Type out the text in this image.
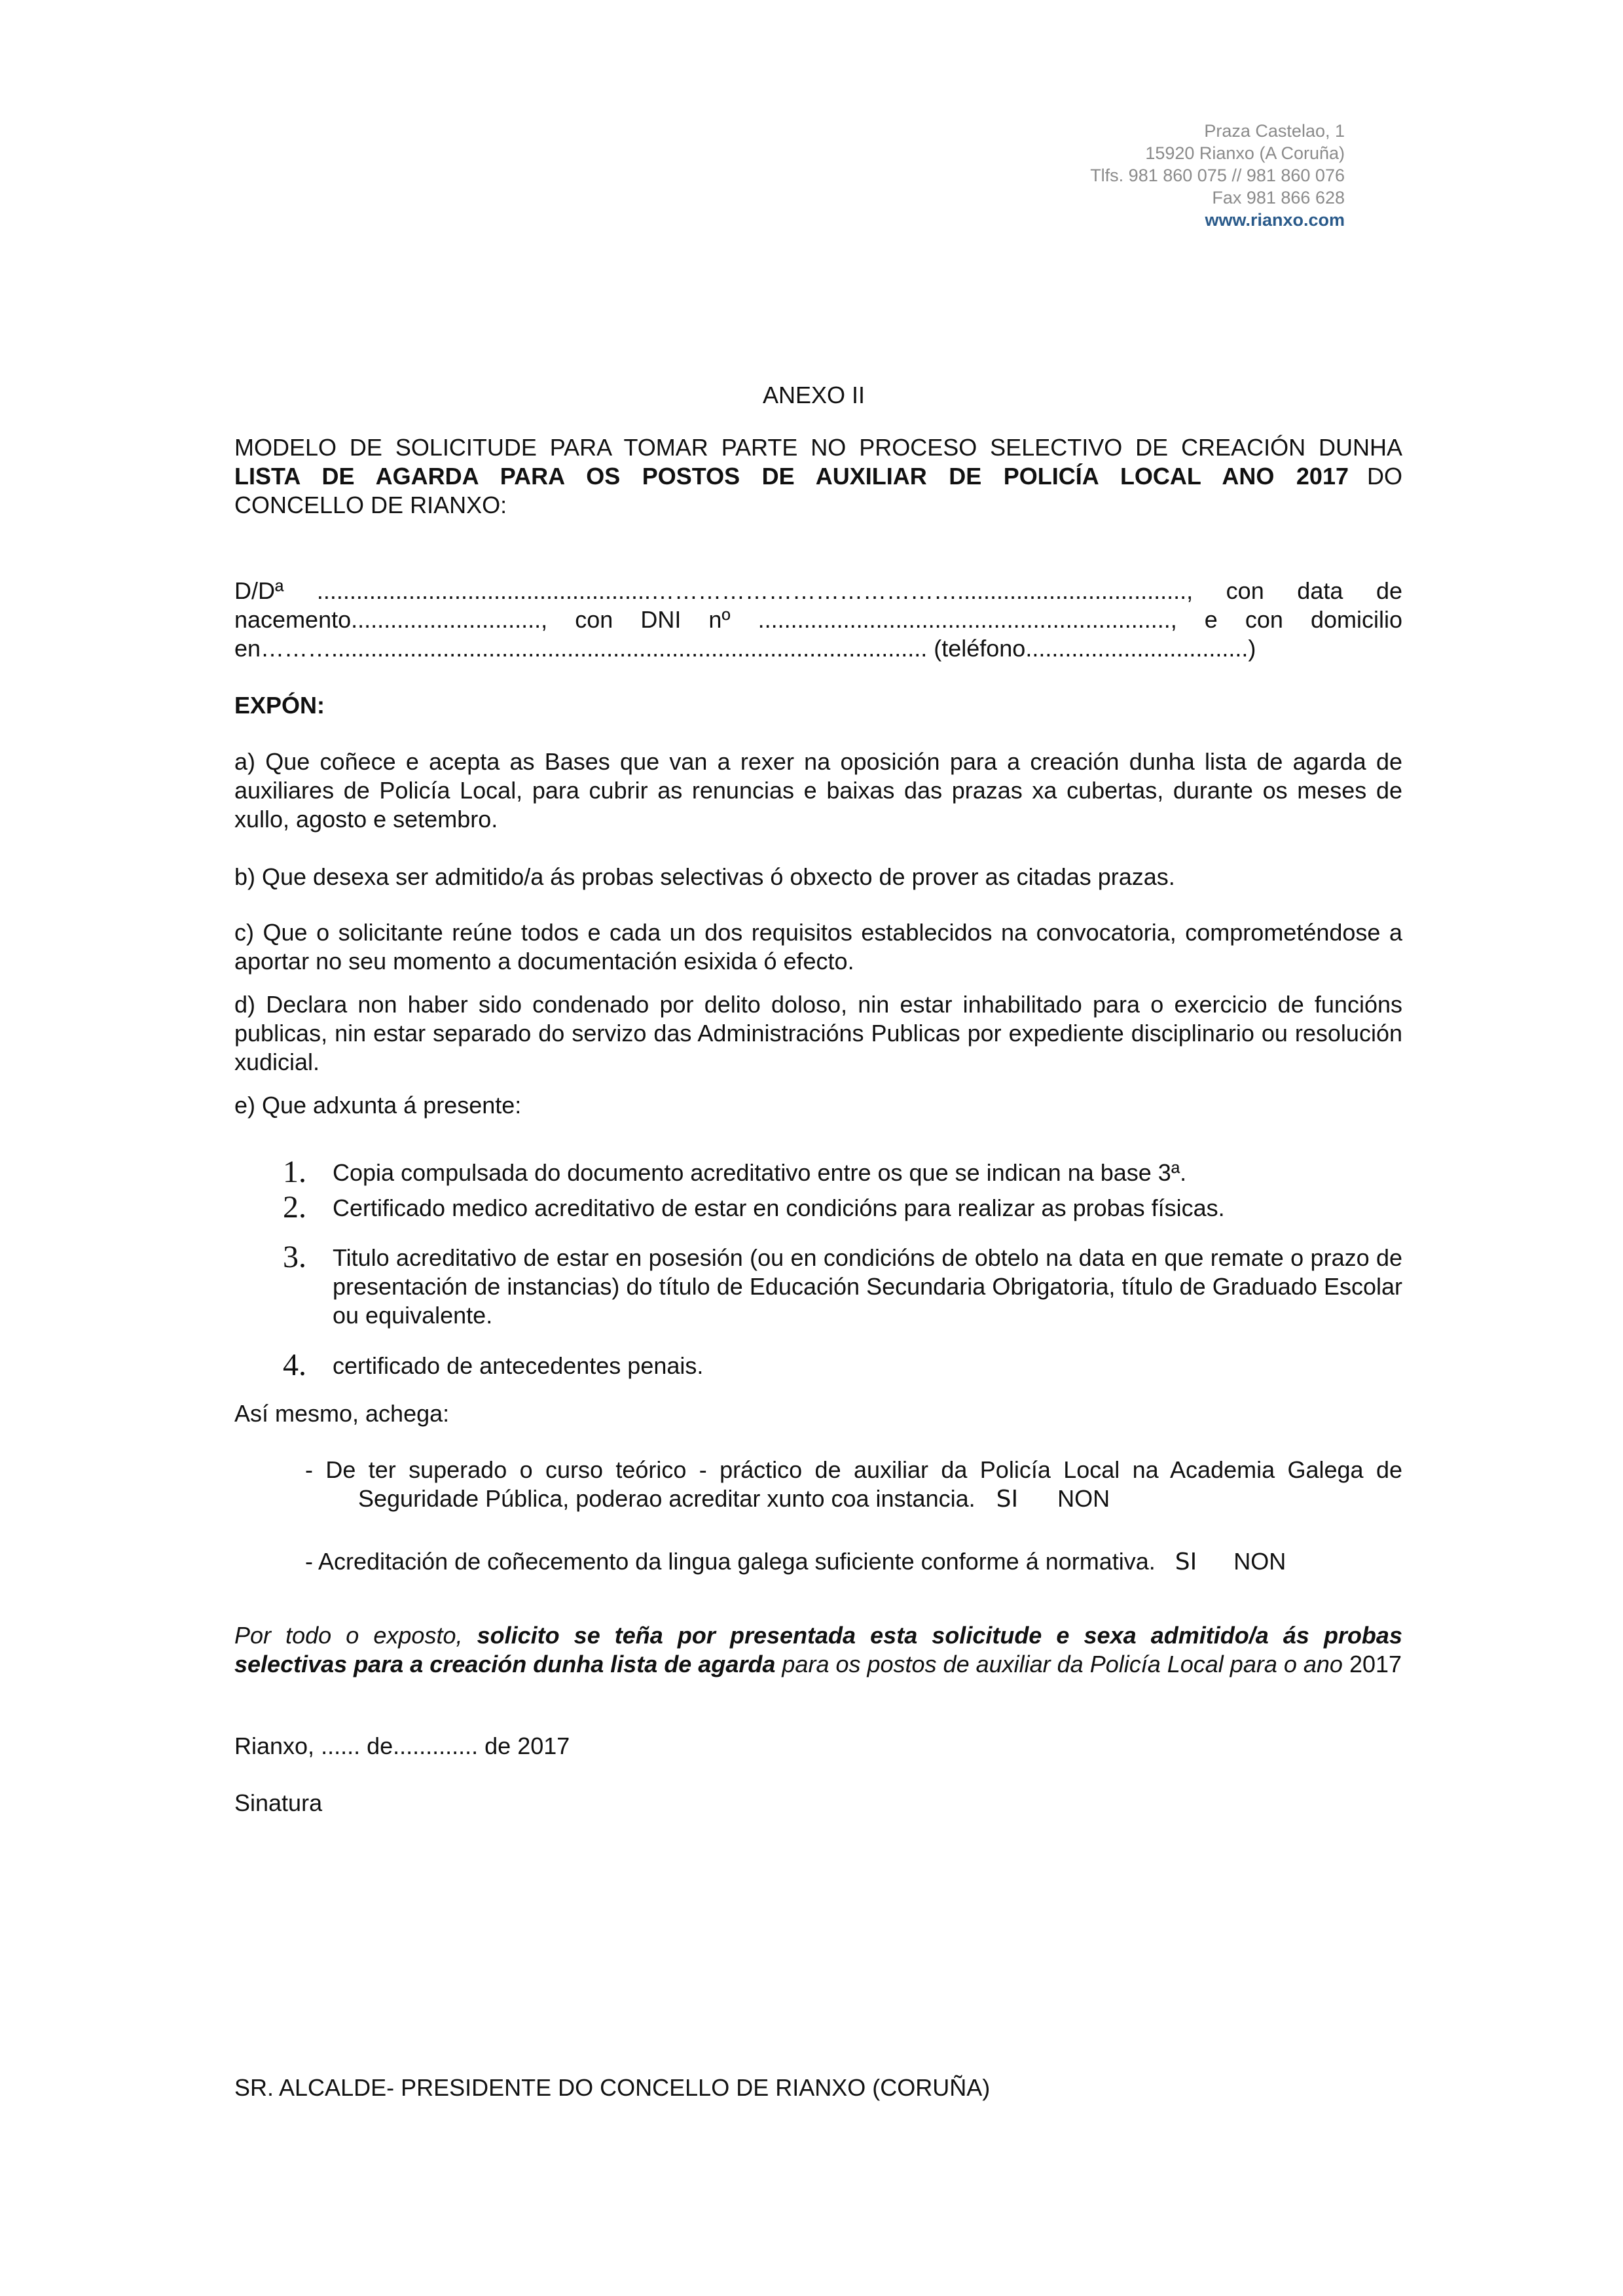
Praza Castelao, 1
15920 Rianxo (A Coruña)
Tlfs. 981 860 075 // 981 860 076
Fax 981 866 628
www.rianxo.com
ANEXO II
MODELO DE SOLICITUDE PARA TOMAR PARTE NO PROCESO SELECTIVO DE CREACIÓN DUNHA
LISTA DE AGARDA PARA OS POSTOS DE AUXILIAR DE POLICÍA LOCAL ANO 2017 DO
CONCELLO DE RIANXO:
D/Dª ...................................................…………………………………..................................., con data de
nacemento............................., con DNI nº ..............................................................., e con domicilio
en………........................................................................................... (teléfono..................................)
EXPÓN:
a) Que coñece e acepta as Bases que van a rexer na oposición para a creación dunha lista de agarda de auxiliares de Policía Local, para cubrir as renuncias e baixas das prazas xa cubertas, durante os meses de xullo, agosto e setembro.
b) Que desexa ser admitido/a ás probas selectivas ó obxecto de prover as citadas prazas.
c) Que o solicitante reúne todos e cada un dos requisitos establecidos na convocatoria, comprometéndose a aportar no seu momento a documentación esixida ó efecto.
d) Declara non haber sido condenado por delito doloso, nin estar inhabilitado para o exercicio de funcións publicas, nin estar separado do servizo das Administracións Publicas por expediente disciplinario ou resolución xudicial.
e) Que adxunta á presente:
1. Copia compulsada do documento acreditativo entre os que se indican na base 3ª.
2. Certificado medico acreditativo de estar en condicións para realizar as probas físicas.
3. Titulo acreditativo de estar en posesión (ou en condicións de obtelo na data en que remate o prazo de presentación de instancias) do título de Educación Secundaria Obrigatoria, título de Graduado Escolar ou equivalente.
4. certificado de antecedentes penais.
Así mesmo, achega:
- De ter superado o curso teórico - práctico de auxiliar da Policía Local na Academia Galega de
Seguridade Pública, poderao acreditar xunto coa instancia. SI NON
- Acreditación de coñecemento da lingua galega suficiente conforme á normativa. SI NON
Por todo o exposto, solicito se teña por presentada esta solicitude e sexa admitido/a ás probas selectivas para a creación dunha lista de agarda para os postos de auxiliar da Policía Local para o ano 2017
Rianxo, ...... de............. de 2017
Sinatura
SR. ALCALDE- PRESIDENTE DO CONCELLO DE RIANXO (CORUÑA)
